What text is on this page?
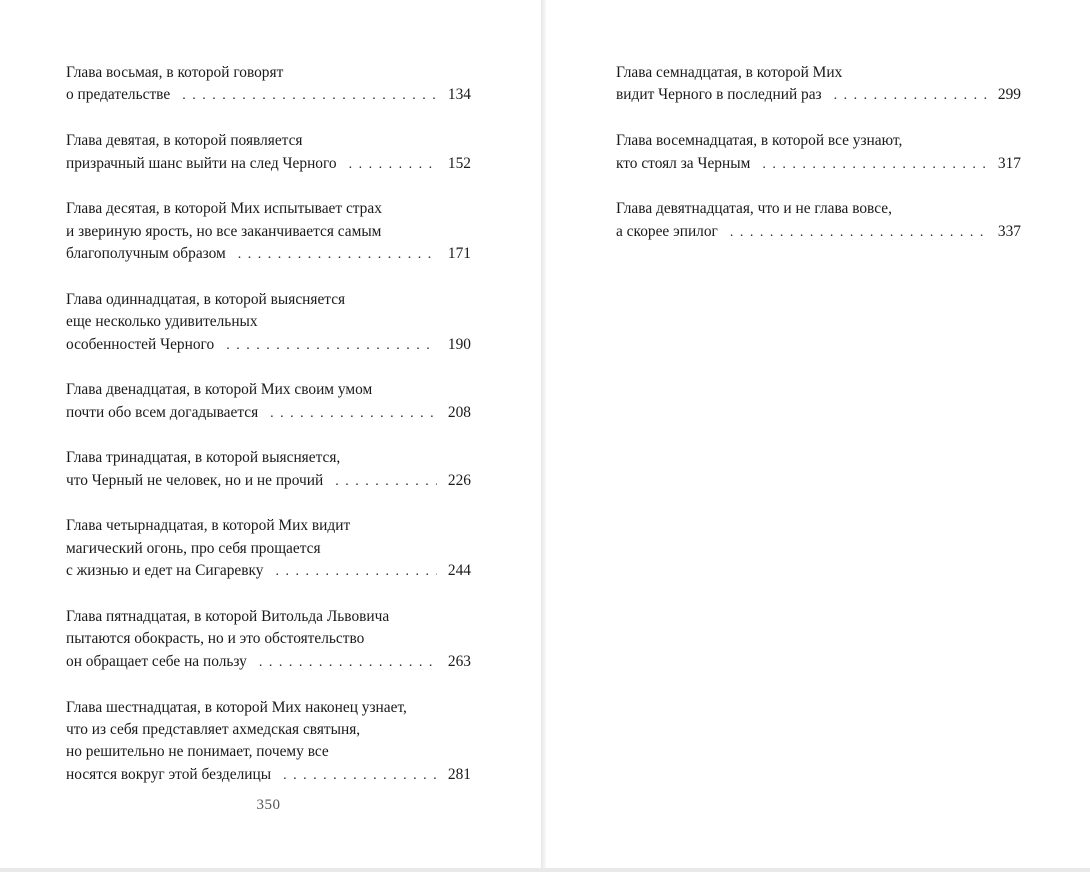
Глава восьмая, в которой говорят
о предательстве . . .	134
Глава девятая, в которой появляется
призрачный шанс выйти на след Черного . . .	152
Глава десятая, в которой Мих испытывает страх
и звериную ярость, но все заканчивается самым
благополучным образом . . .	171
Глава одиннадцатая, в которой выясняется
еще несколько удивительных
особенностей Черного . . .	190
Глава двенадцатая, в которой Мих своим умом
почти обо всем догадывается . . .	208
Глава тринадцатая, в которой выясняется,
что Черный не человек, но и не прочий . . .	226
Глава четырнадцатая, в которой Мих видит
магический огонь, про себя прощается
с жизнью и едет на Сигаревку . . .	244
Глава пятнадцатая, в которой Витольда Львовича
пытаются обокрасть, но и это обстоятельство
он обращает себе на пользу . . .	263
Глава шестнадцатая, в которой Мих наконец узнает,
что из себя представляет ахмедская святыня,
но решительно не понимает, почему все
носятся вокруг этой безделицы . . .	281
350
Глава семнадцатая, в которой Мих
видит Черного в последний раз . . .	299
Глава восемнадцатая, в которой все узнают,
кто стоял за Черным . . .	317
Глава девятнадцатая, что и не глава вовсе,
а скорее эпилог . . .	337
